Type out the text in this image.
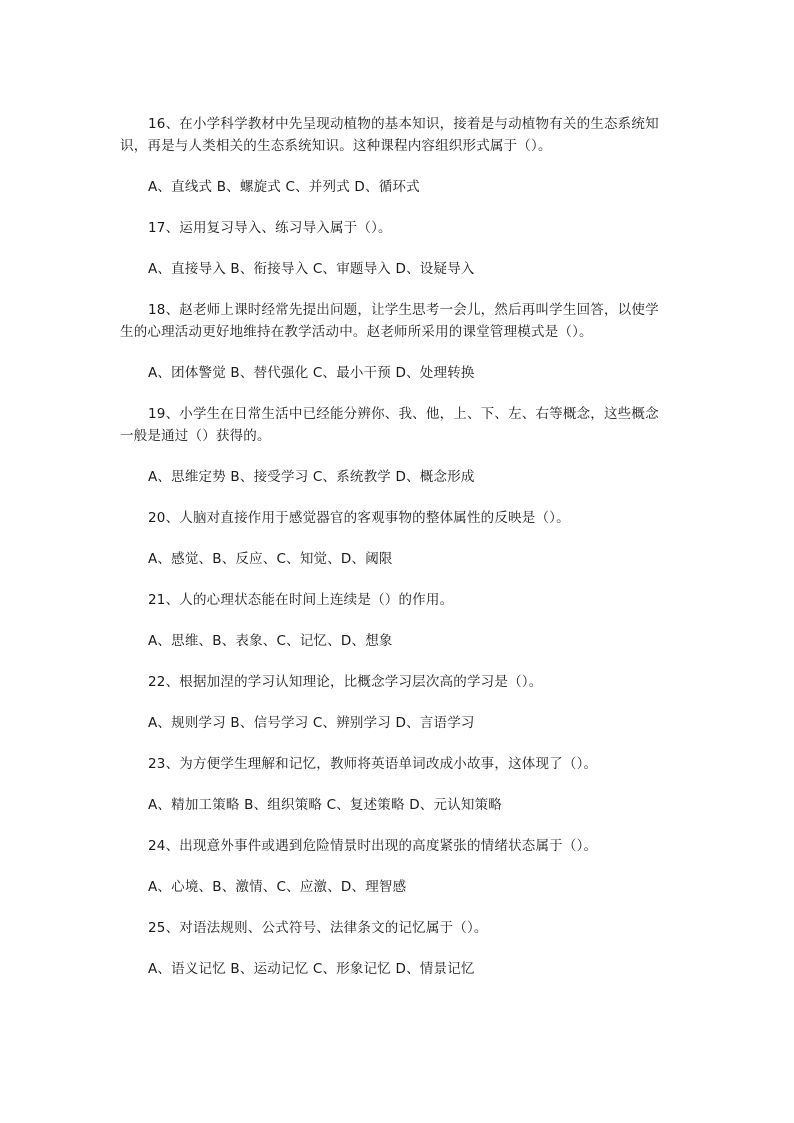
16、在小学科学教材中先呈现动植物的基本知识，接着是与动植物有关的生态系统知识，再是与人类相关的生态系统知识。这种课程内容组织形式属于（）。

A、直线式 B、螺旋式 C、并列式 D、循环式

17、运用复习导入、练习导入属于（）。

A、直接导入 B、衔接导入 C、审题导入 D、设疑导入

18、赵老师上课时经常先提出问题，让学生思考一会儿，然后再叫学生回答，以使学生的心理活动更好地维持在教学活动中。赵老师所采用的课堂管理模式是（）。

A、团体警觉 B、替代强化 C、最小干预 D、处理转换

19、小学生在日常生活中已经能分辨你、我、他，上、下、左、右等概念，这些概念一般是通过（）获得的。

A、思维定势 B、接受学习 C、系统教学 D、概念形成

20、人脑对直接作用于感觉器官的客观事物的整体属性的反映是（）。

A、感觉、B、反应、C、知觉、D、阈限

21、人的心理状态能在时间上连续是（）的作用。

A、思维、B、表象、C、记忆、D、想象

22、根据加涅的学习认知理论，比概念学习层次高的学习是（）。

A、规则学习 B、信号学习 C、辨别学习 D、言语学习

23、为方便学生理解和记忆，教师将英语单词改成小故事，这体现了（）。

A、精加工策略 B、组织策略 C、复述策略 D、元认知策略

24、出现意外事件或遇到危险情景时出现的高度紧张的情绪状态属于（）。

A、心境、B、激情、C、应激、D、理智感

25、对语法规则、公式符号、法律条文的记忆属于（）。

A、语义记忆 B、运动记忆 C、形象记忆 D、情景记忆
